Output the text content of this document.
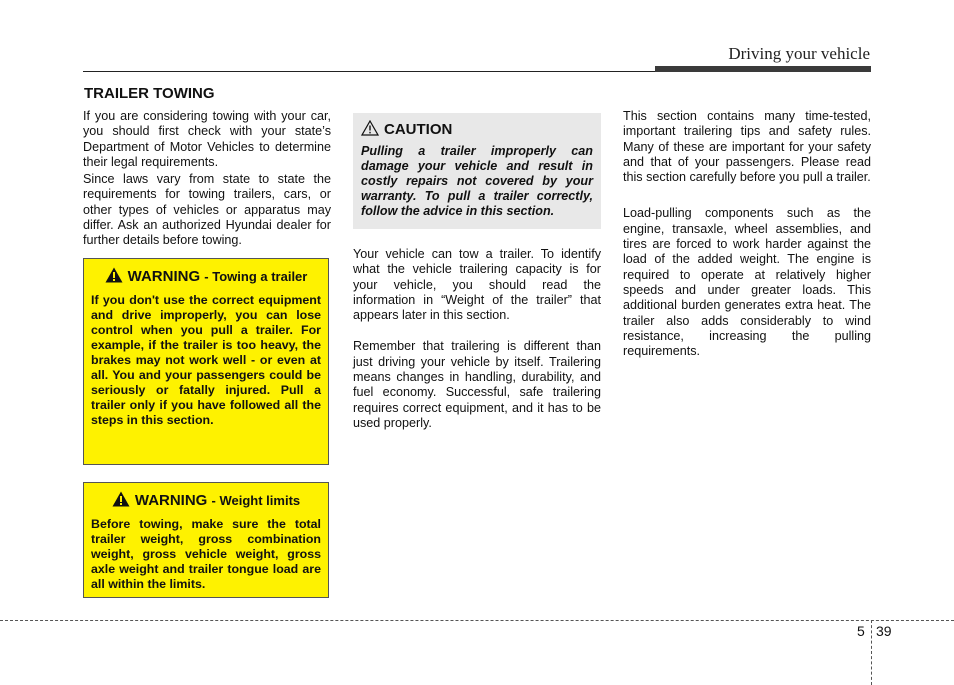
Driving your vehicle
TRAILER TOWING

If you are considering towing with your car, you should first check with your state’s Department of Motor Vehicles to determine their legal requirements.

Since laws vary from state to state the requirements for towing trailers, cars, or other types of vehicles or apparatus may differ. Ask an authorized Hyundai dealer for further details before towing.

WARNING - Towing a trailer
If you don't use the correct equipment and drive improperly, you can lose control when you pull a trailer. For example, if the trailer is too heavy, the brakes may not work well - or even at all. You and your passengers could be seriously or fatally injured. Pull a trailer only if you have followed all the steps in this section.
WARNING - Weight limits
Before towing, make sure the total trailer weight, gross combination weight, gross vehicle weight, gross axle weight and trailer tongue load are all within the limits.
CAUTION
Pulling a trailer improperly can damage your vehicle and result in costly repairs not covered by your warranty. To pull a trailer correctly, follow the advice in this section.

Your vehicle can tow a trailer. To identify what the vehicle trailering capacity is for your vehicle, you should read the information in “Weight of the trailer” that appears later in this section.

Remember that trailering is different than just driving your vehicle by itself. Trailering means changes in handling, durability, and fuel economy. Successful, safe trailering requires correct equipment, and it has to be used properly.

This section contains many time-tested, important trailering tips and safety rules. Many of these are important for your safety and that of your passengers. Please read this section carefully before you pull a trailer.

Load-pulling components such as the engine, transaxle, wheel assemblies, and tires are forced to work harder against the load of the added weight. The engine is required to operate at relatively higher speeds and under greater loads. This additional burden generates extra heat. The trailer also adds considerably to wind resistance, increasing the pulling requirements.

5 39
